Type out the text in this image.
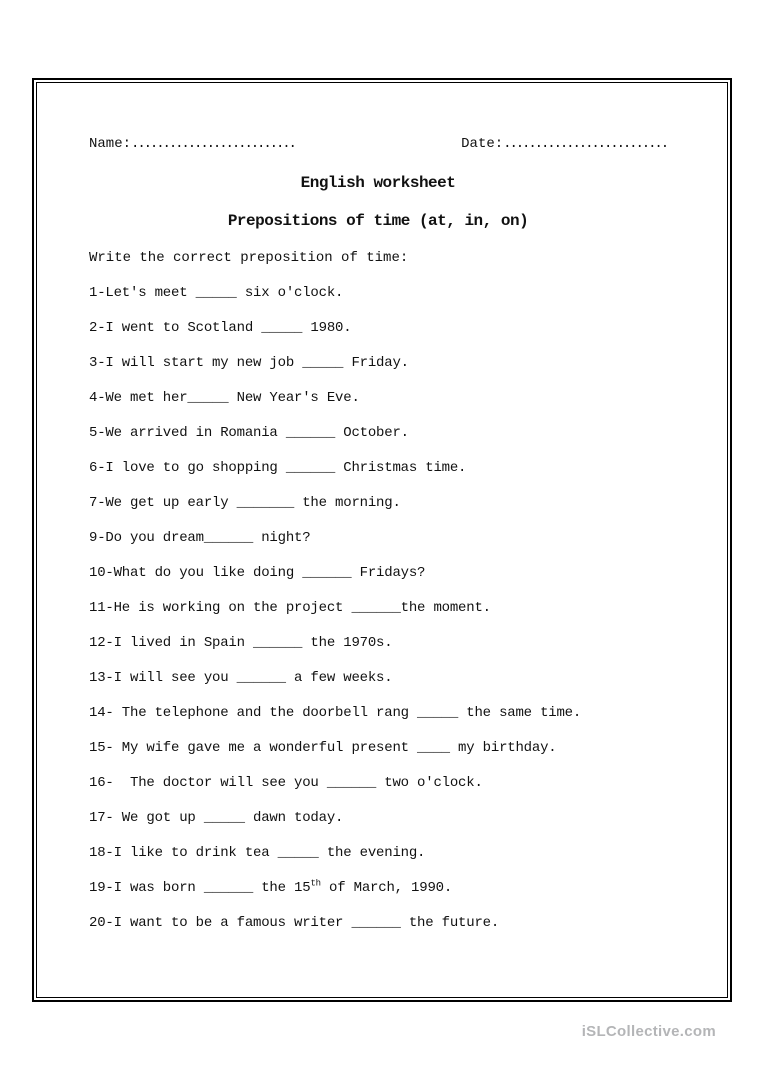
Name: ..........................	Date: ..........................
English worksheet
Prepositions of time (at, in, on)

Write the correct preposition of time:

1-Let's meet _____ six o'clock.

2-I went to Scotland _____ 1980.

3-I will start my new job _____ Friday.

4-We met her_____ New Year's Eve.

5-We arrived in Romania ______ October.

6-I love to go shopping ______ Christmas time.

7-We get up early _______ the morning.

9-Do you dream______ night?

10-What do you like doing ______ Fridays?

11-He is working on the project ______the moment.

12-I lived in Spain ______ the 1970s.

13-I will see you ______ a few weeks.

14- The telephone and the doorbell rang _____ the same time.

15- My wife gave me a wonderful present ____ my birthday.

16-  The doctor will see you ______ two o'clock.

17- We got up _____ dawn today.

18-I like to drink tea _____ the evening.

19-I was born ______ the 15th of March, 1990.

20-I want to be a famous writer ______ the future.

iSLCollective.com
